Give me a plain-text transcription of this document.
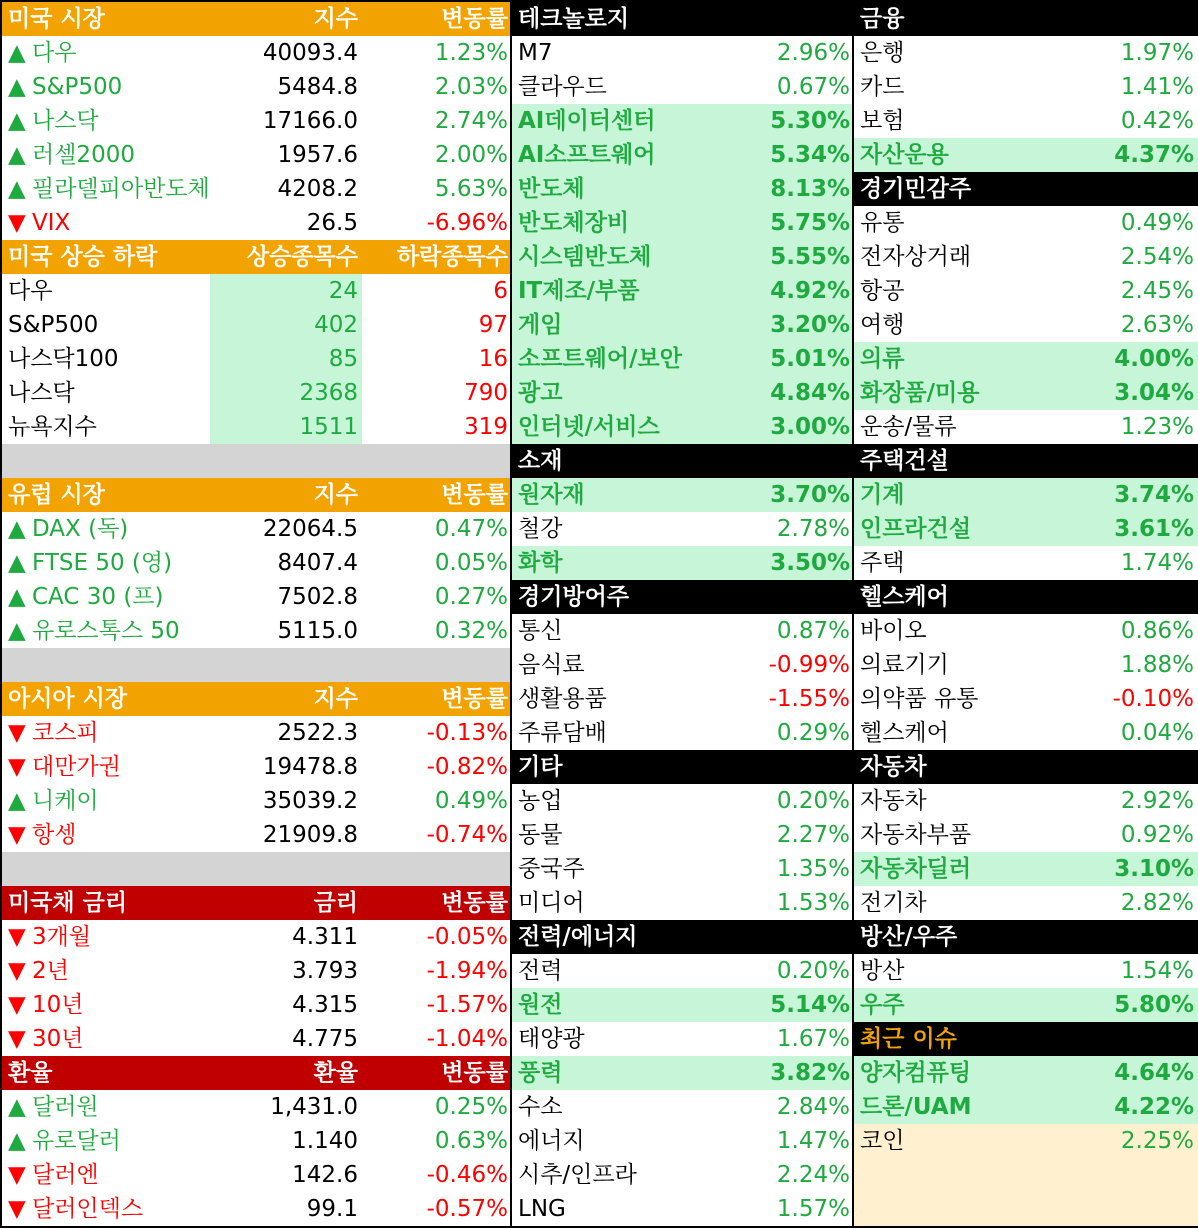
미국 시장	지수	변동률
▲ 다우	40093.4	1.23%
▲ S&P500	5484.8	2.03%
▲ 나스닥	17166.0	2.74%
▲ 러셀2000	1957.6	2.00%
▲ 필라델피아반도체	4208.2	5.63%
▼ VIX	26.5	-6.96%
미국 상승 하락	상승종목수	하락종목수
다우	24	6
S&P500	402	97
나스닥100	85	16
나스닥	2368	790
뉴욕지수	1511	319
유럽 시장	지수	변동률
▲ DAX (독)	22064.5	0.47%
▲ FTSE 50 (영)	8407.4	0.05%
▲ CAC 30 (프)	7502.8	0.27%
▲ 유로스톡스 50	5115.0	0.32%
아시아 시장	지수	변동률
▼ 코스피	2522.3	-0.13%
▼ 대만가권	19478.8	-0.82%
▲ 니케이	35039.2	0.49%
▼ 항셍	21909.8	-0.74%
미국채 금리	금리	변동률
▼ 3개월	4.311	-0.05%
▼ 2년	3.793	-1.94%
▼ 10년	4.315	-1.57%
▼ 30년	4.775	-1.04%
환율	환율	변동률
▲ 달러원	1,431.0	0.25%
▲ 유로달러	1.140	0.63%
▼ 달러엔	142.6	-0.46%
▼ 달러인덱스	99.1	-0.57%
테크놀로지
M7	2.96%
클라우드	0.67%
AI데이터센터	5.30%
AI소프트웨어	5.34%
반도체	8.13%
반도체장비	5.75%
시스템반도체	5.55%
IT제조/부품	4.92%
게임	3.20%
소프트웨어/보안	5.01%
광고	4.84%
인터넷/서비스	3.00%
소재
원자재	3.70%
철강	2.78%
화학	3.50%
경기방어주
통신	0.87%
음식료	-0.99%
생활용품	-1.55%
주류담배	0.29%
기타
농업	0.20%
동물	2.27%
중국주	1.35%
미디어	1.53%
전력/에너지
전력	0.20%
원전	5.14%
태양광	1.67%
풍력	3.82%
수소	2.84%
에너지	1.47%
시추/인프라	2.24%
LNG	1.57%
금융
은행	1.97%
카드	1.41%
보험	0.42%
자산운용	4.37%
경기민감주
유통	0.49%
전자상거래	2.54%
항공	2.45%
여행	2.63%
의류	4.00%
화장품/미용	3.04%
운송/물류	1.23%
주택건설
기계	3.74%
인프라건설	3.61%
주택	1.74%
헬스케어
바이오	0.86%
의료기기	1.88%
의약품 유통	-0.10%
헬스케어	0.04%
자동차
자동차	2.92%
자동차부품	0.92%
자동차딜러	3.10%
전기차	2.82%
방산/우주
방산	1.54%
우주	5.80%
최근 이슈
양자컴퓨팅	4.64%
드론/UAM	4.22%
코인	2.25%
